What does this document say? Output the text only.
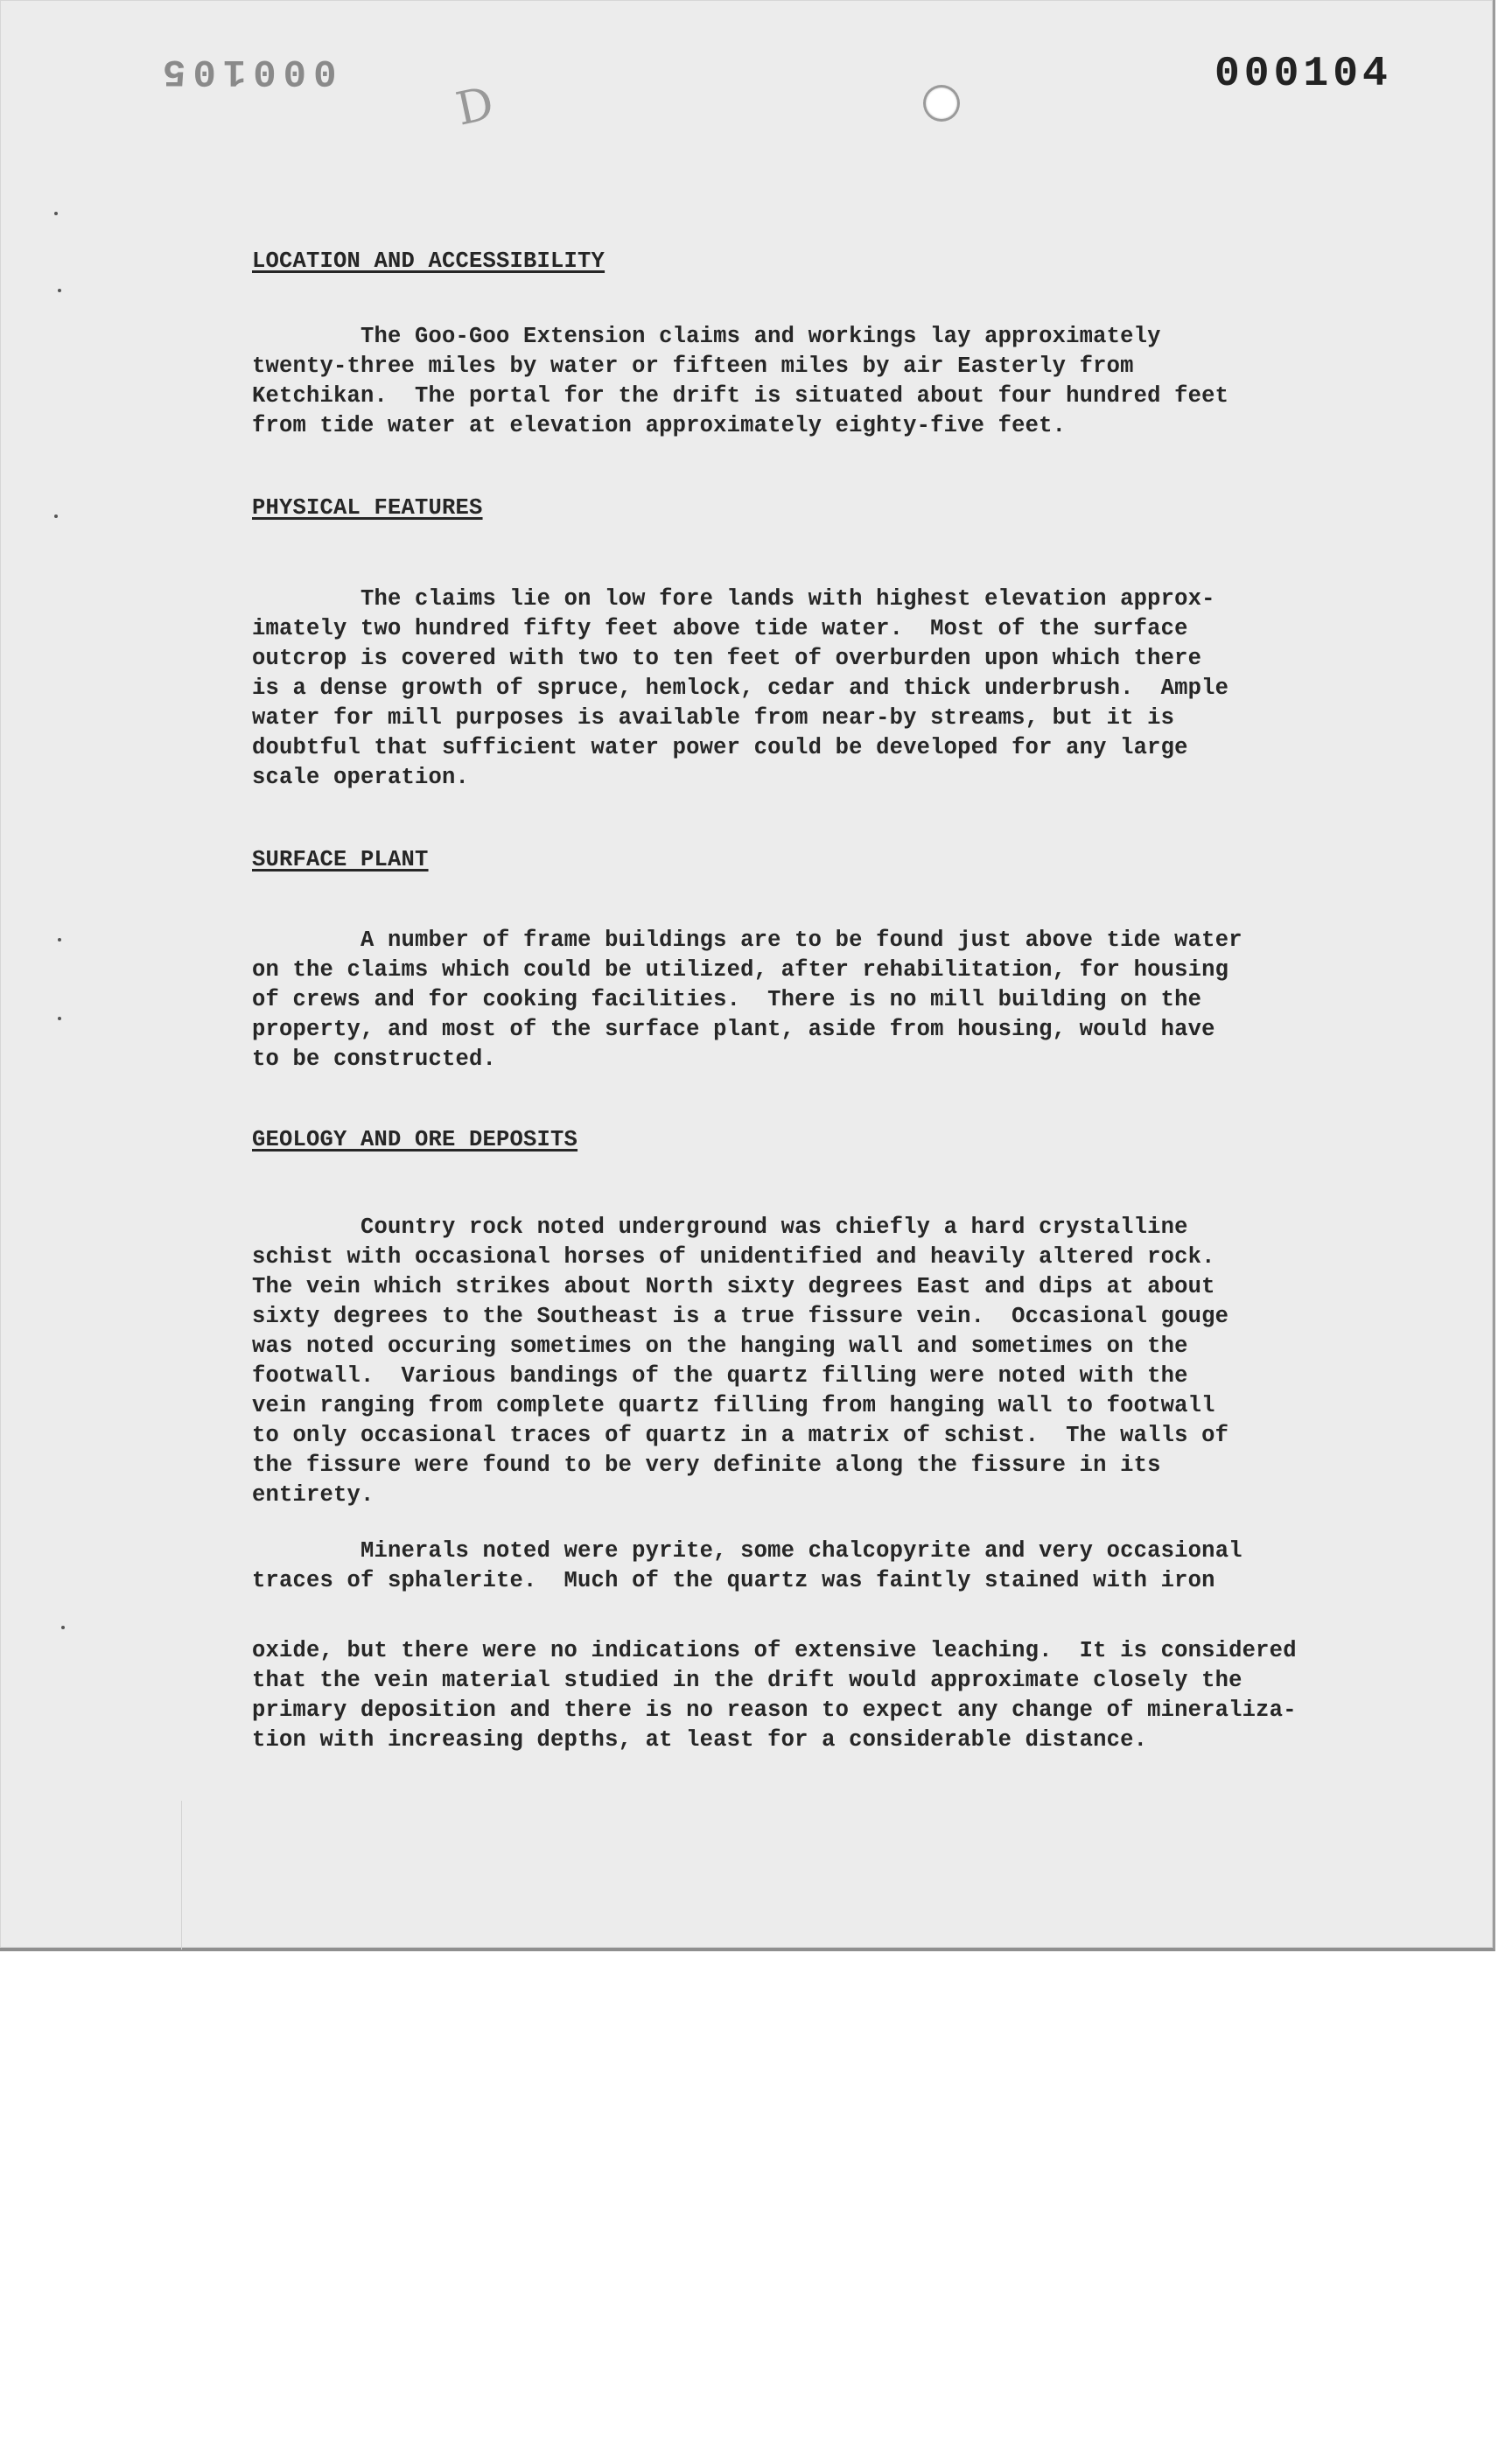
000105	000104
D
LOCATION AND ACCESSIBILITY

The Goo-Goo Extension claims and workings lay approximately
twenty-three miles by water or fifteen miles by air Easterly from
Ketchikan.  The portal for the drift is situated about four hundred feet
from tide water at elevation approximately eighty-five feet.

PHYSICAL FEATURES

The claims lie on low fore lands with highest elevation approx-
imately two hundred fifty feet above tide water.  Most of the surface
outcrop is covered with two to ten feet of overburden upon which there
is a dense growth of spruce, hemlock, cedar and thick underbrush.  Ample
water for mill purposes is available from near-by streams, but it is
doubtful that sufficient water power could be developed for any large
scale operation.

SURFACE PLANT

A number of frame buildings are to be found just above tide water
on the claims which could be utilized, after rehabilitation, for housing
of crews and for cooking facilities.  There is no mill building on the
property, and most of the surface plant, aside from housing, would have
to be constructed.

GEOLOGY AND ORE DEPOSITS

Country rock noted underground was chiefly a hard crystalline
schist with occasional horses of unidentified and heavily altered rock.
The vein which strikes about North sixty degrees East and dips at about
sixty degrees to the Southeast is a true fissure vein.  Occasional gouge
was noted occuring sometimes on the hanging wall and sometimes on the
footwall.  Various bandings of the quartz filling were noted with the
vein ranging from complete quartz filling from hanging wall to footwall
to only occasional traces of quartz in a matrix of schist.  The walls of
the fissure were found to be very definite along the fissure in its
entirety.

Minerals noted were pyrite, some chalcopyrite and very occasional
traces of sphalerite.  Much of the quartz was faintly stained with iron

oxide, but there were no indications of extensive leaching.  It is considered
that the vein material studied in the drift would approximate closely the
primary deposition and there is no reason to expect any change of mineraliza-
tion with increasing depths, at least for a considerable distance.
